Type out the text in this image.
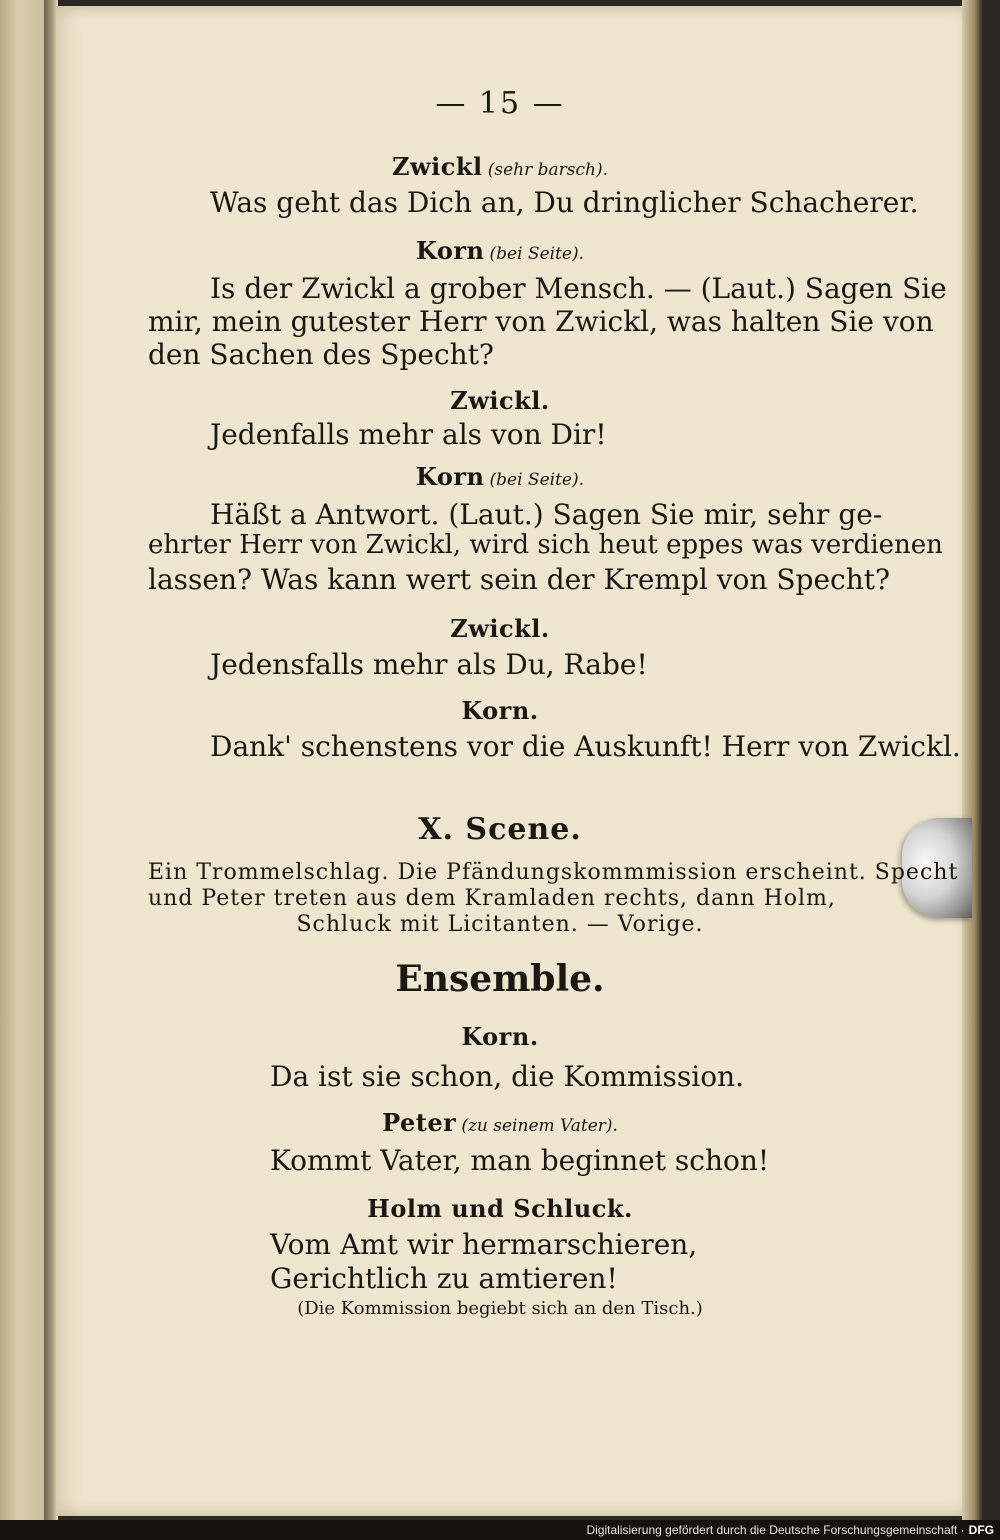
— 15 —
Zwickl (sehr barsch).
Was geht das Dich an, Du dringlicher Schacherer.
Korn (bei Seite).
Is der Zwickl a grober Mensch. — (Laut.) Sagen Sie
mir, mein gutester Herr von Zwickl, was halten Sie von
den Sachen des Specht?
Zwickl.
Jedenfalls mehr als von Dir!
Korn (bei Seite).
Häßt a Antwort. (Laut.) Sagen Sie mir, sehr ge-
ehrter Herr von Zwickl, wird sich heut eppes was verdienen
lassen? Was kann wert sein der Krempl von Specht?
Zwickl.
Jedensfalls mehr als Du, Rabe!
Korn.
Dank' schenstens vor die Auskunft! Herr von Zwickl.
X. Scene.
Ein Trommelschlag. Die Pfändungskommmission erscheint. Specht
und Peter treten aus dem Kramladen rechts, dann Holm,
Schluck mit Licitanten. — Vorige.
Ensemble.
Korn.
Da ist sie schon, die Kommission.
Peter (zu seinem Vater).
Kommt Vater, man beginnet schon!
Holm und Schluck.
Vom Amt wir hermarschieren,
Gerichtlich zu amtieren!
(Die Kommission begiebt sich an den Tisch.)
Digitalisierung gefördert durch die Deutsche Forschungsgemeinschaft · DFG
